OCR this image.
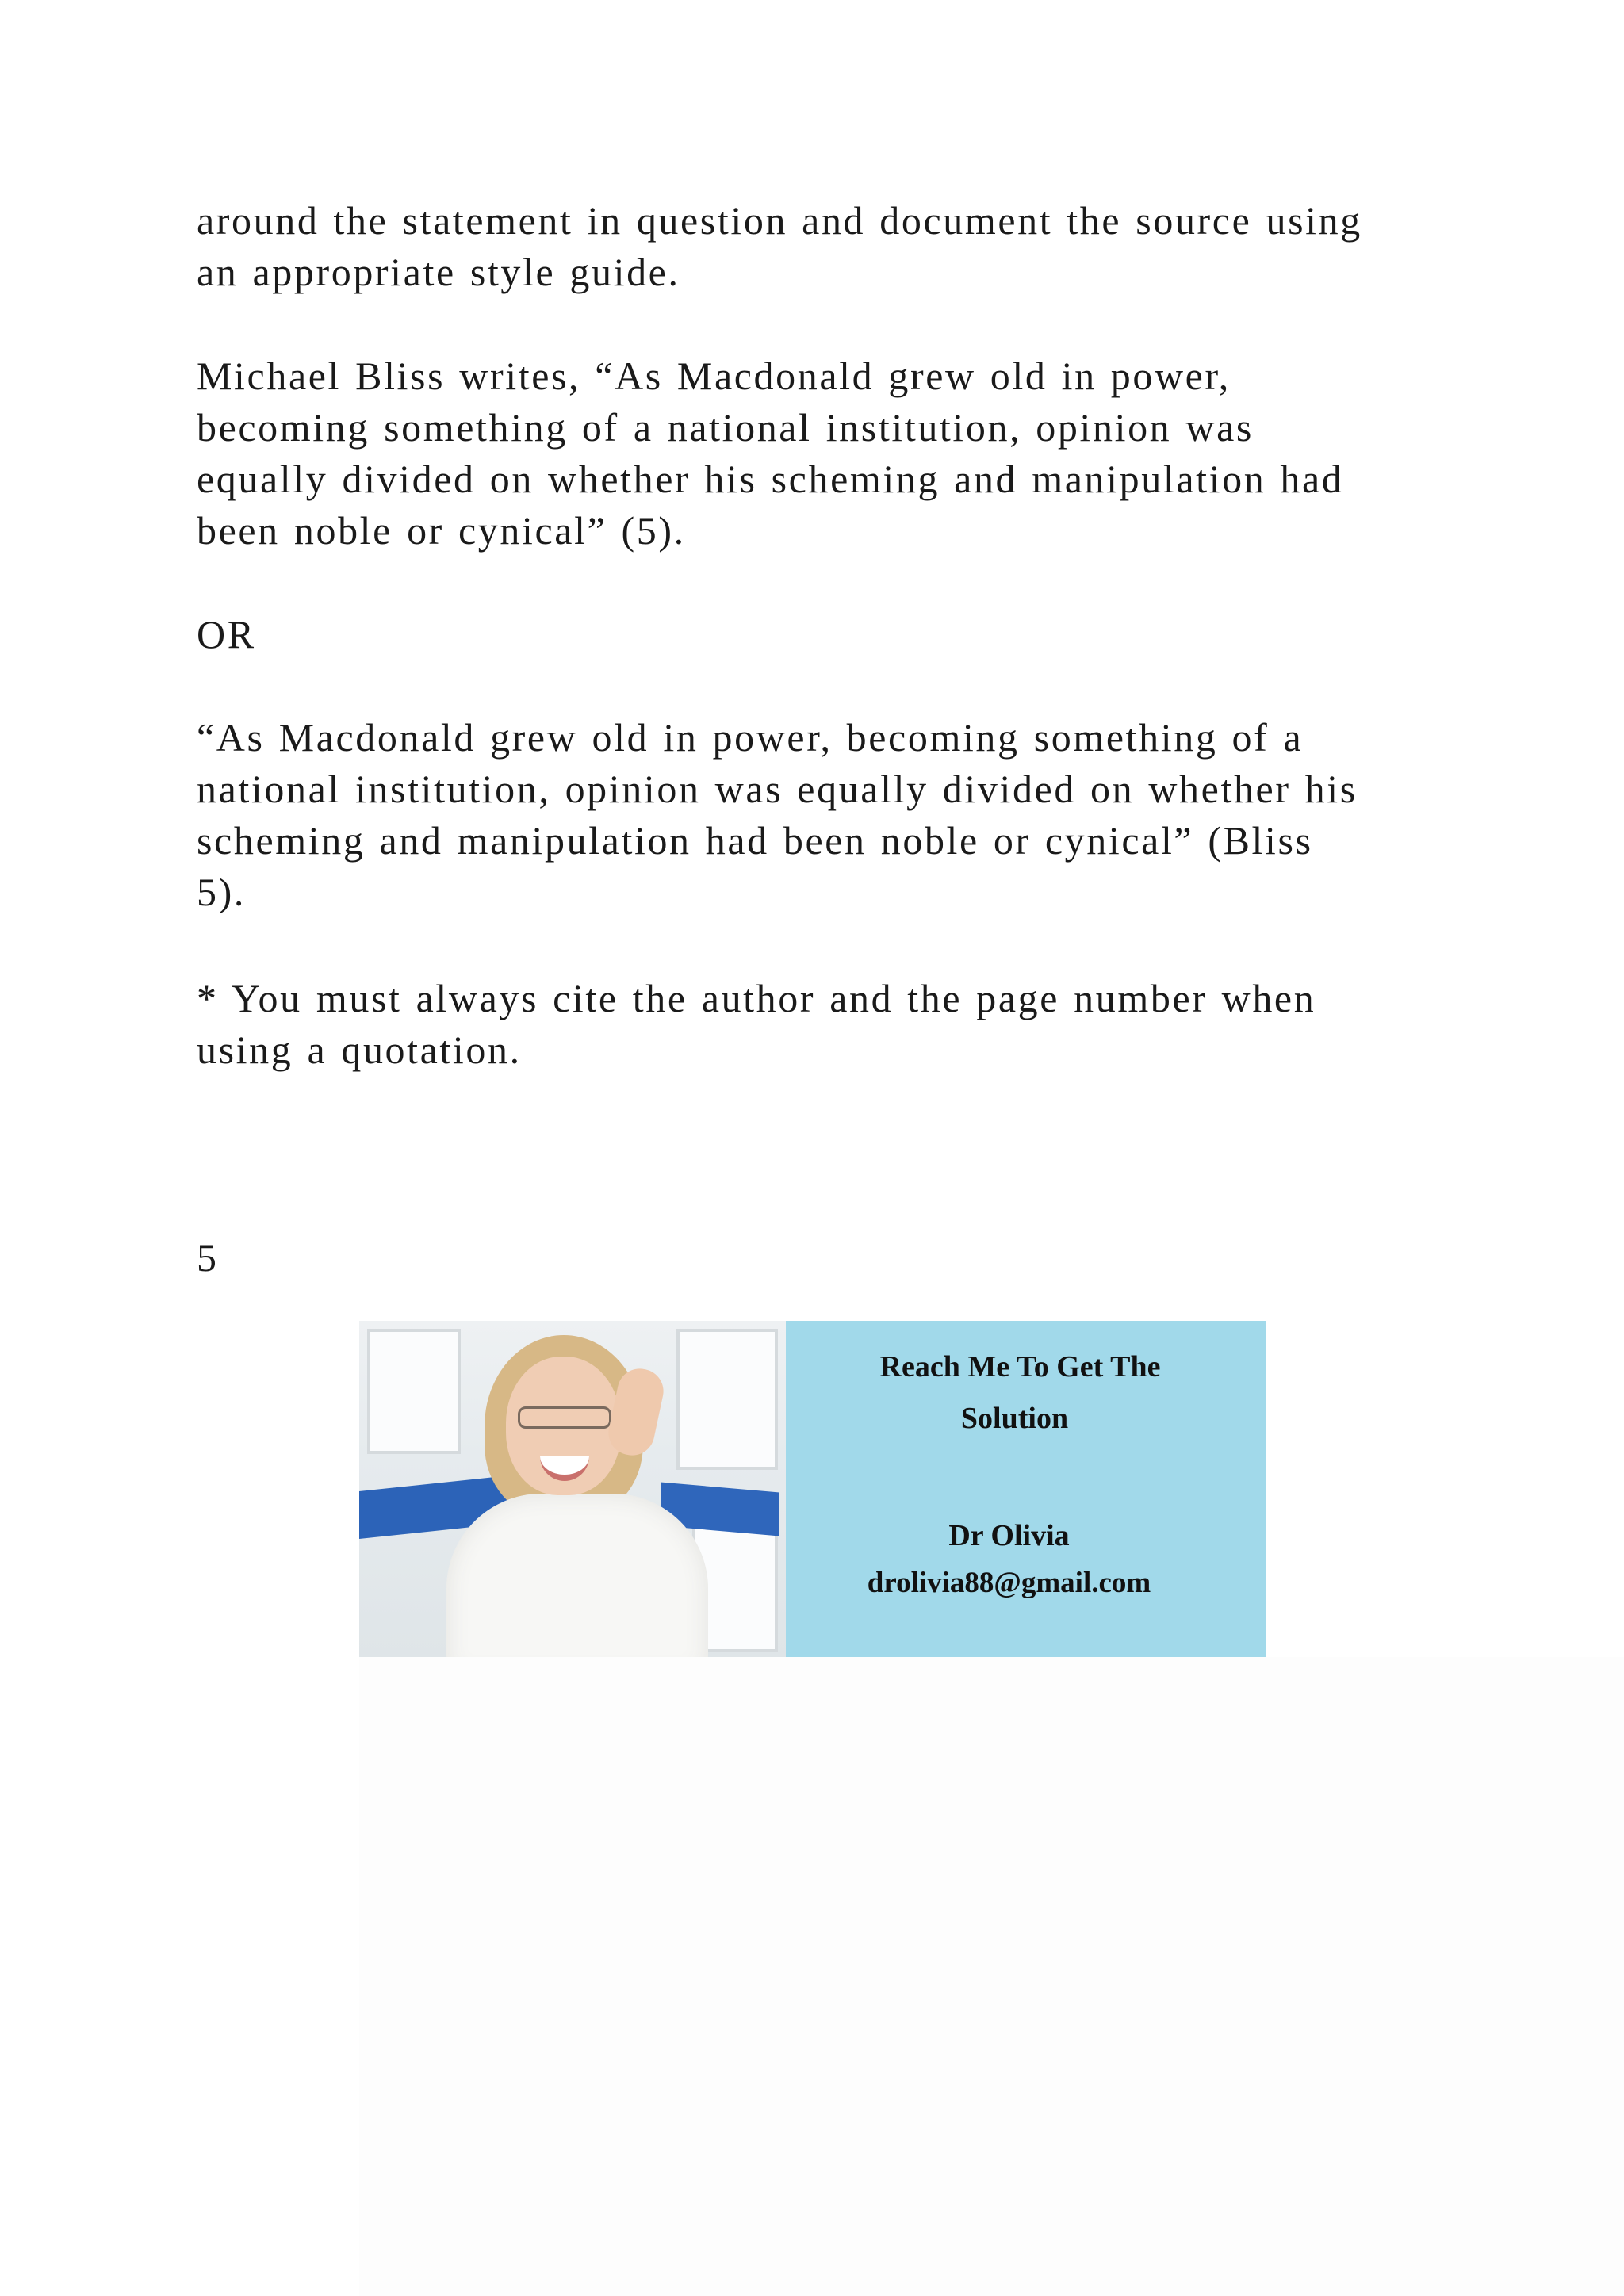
around the statement in question and document the source using
an appropriate style guide.
Michael Bliss writes, “As Macdonald grew old in power,
becoming something of a national institution, opinion was
equally divided on whether his scheming and manipulation had
been noble or cynical” (5).
OR
“As Macdonald grew old in power, becoming something of a
national institution, opinion was equally divided on whether his
scheming and manipulation had been noble or cynical” (Bliss
5).
* You must always cite the author and the page number when
using a quotation.
5
Reach Me To Get The
Solution
Dr Olivia
drolivia88@gmail.com
